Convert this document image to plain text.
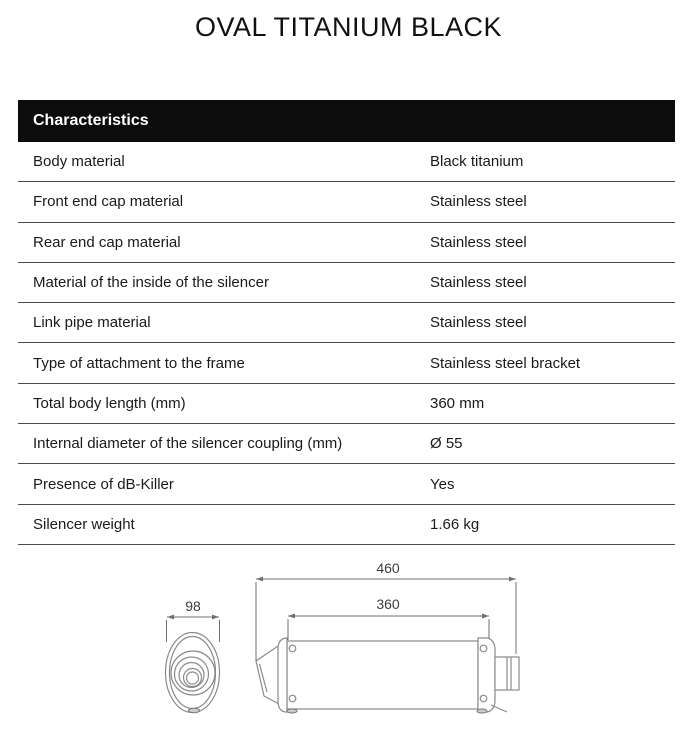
OVAL TITANIUM BLACK
Characteristics
Body material	Black titanium
Front end cap material	Stainless steel
Rear end cap material	Stainless steel
Material of the inside of the silencer	Stainless steel
Link pipe material	Stainless steel
Type of attachment to the frame	Stainless steel bracket
Total body length (mm)	360 mm
Internal diameter of the silencer coupling (mm)	Ø 55
Presence of dB-Killer	Yes
Silencer weight	1.66 kg
98
460
360
